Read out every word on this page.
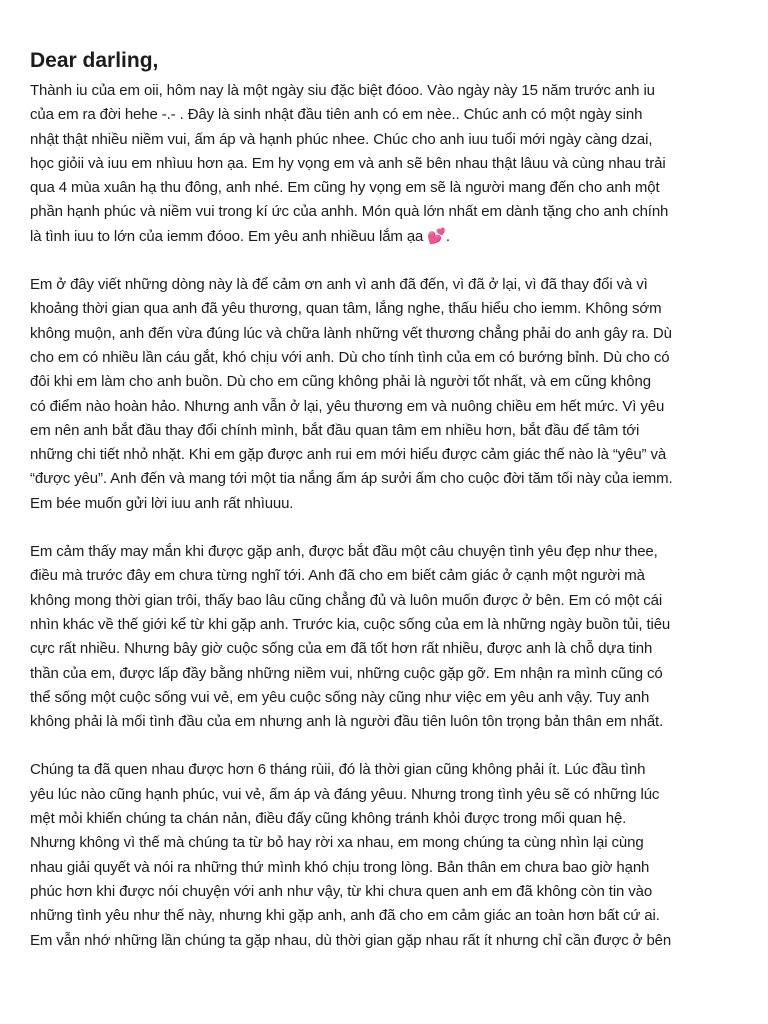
Dear darling,
Thành iu của em oii, hôm nay là một ngày siu đặc biệt đóoo. Vào ngày này 15 năm trước anh iu
của em ra đời hehe -.- . Đây là sinh nhật đầu tiên anh có em nèe.. Chúc anh có một ngày sinh
nhật thật nhiều niềm vui, ấm áp và hạnh phúc nhee. Chúc cho anh iuu tuổi mới ngày càng dzai,
học giỏii và iuu em nhìuu hơn ạa. Em hy vọng em và anh sẽ bên nhau thật lâuu và cùng nhau trải
qua 4 mùa xuân hạ thu đông, anh nhé. Em cũng hy vọng em sẽ là người mang đến cho anh một
phần hạnh phúc và niềm vui trong kí ức của anhh. Món quà lớn nhất em dành tặng cho anh chính
là tình iuu to lớn của iemm đóoo. Em yêu anh nhiềuu lắm ạa 💕.
Em ở đây viết những dòng này là để cảm ơn anh vì anh đã đến, vì đã ở lại, vì đã thay đổi và vì
khoảng thời gian qua anh đã yêu thương, quan tâm, lắng nghe, thấu hiểu cho iemm. Không sớm
không muộn, anh đến vừa đúng lúc và chữa lành những vết thương chẳng phải do anh gây ra. Dù
cho em có nhiều lần cáu gắt, khó chịu với anh. Dù cho tính tình của em có bướng bỉnh. Dù cho có
đôi khi em làm cho anh buồn. Dù cho em cũng không phải là người tốt nhất, và em cũng không
có điểm nào hoàn hảo. Nhưng anh vẫn ở lại, yêu thương em và nuông chiều em hết mức. Vì yêu
em nên anh bắt đầu thay đổi chính mình, bắt đầu quan tâm em nhiều hơn, bắt đầu để tâm tới
những chi tiết nhỏ nhặt. Khi em gặp được anh rui em mới hiểu được cảm giác thế nào là “yêu” và
“được yêu”. Anh đến và mang tới một tia nắng ấm áp sưởi ấm cho cuộc đời tăm tối này của iemm.
Em bée muốn gửi lời iuu anh rất nhìuuu.
Em cảm thấy may mắn khi được gặp anh, được bắt đầu một câu chuyện tình yêu đẹp như thee,
điều mà trước đây em chưa từng nghĩ tới. Anh đã cho em biết cảm giác ở cạnh một người mà
không mong thời gian trôi, thấy bao lâu cũng chẳng đủ và luôn muốn được ở bên. Em có một cái
nhìn khác về thế giới kể từ khi gặp anh. Trước kia, cuộc sống của em là những ngày buồn tủi, tiêu
cực rất nhiều. Nhưng bây giờ cuộc sống của em đã tốt hơn rất nhiều, được anh là chỗ dựa tinh
thần của em, được lấp đầy bằng những niềm vui, những cuộc gặp gỡ. Em nhận ra mình cũng có
thể sống một cuộc sống vui vẻ, em yêu cuộc sống này cũng như việc em yêu anh vậy. Tuy anh
không phải là mối tình đầu của em nhưng anh là người đầu tiên luôn tôn trọng bản thân em nhất.
Chúng ta đã quen nhau được hơn 6 tháng rùii, đó là thời gian cũng không phải ít. Lúc đầu tình
yêu lúc nào cũng hạnh phúc, vui vẻ, ấm áp và đáng yêuu. Nhưng trong tình yêu sẽ có những lúc
mệt mỏi khiến chúng ta chán nản, điều đấy cũng không tránh khỏi được trong mối quan hệ.
Nhưng không vì thế mà chúng ta từ bỏ hay rời xa nhau, em mong chúng ta cùng nhìn lại cùng
nhau giải quyết và nói ra những thứ mình khó chịu trong lòng. Bản thân em chưa bao giờ hạnh
phúc hơn khi được nói chuyện với anh như vậy, từ khi chưa quen anh em đã không còn tin vào
những tình yêu như thế này, nhưng khi gặp anh, anh đã cho em cảm giác an toàn hơn bất cứ ai.
Em vẫn nhớ những lần chúng ta gặp nhau, dù thời gian gặp nhau rất ít nhưng chỉ cần được ở bên
